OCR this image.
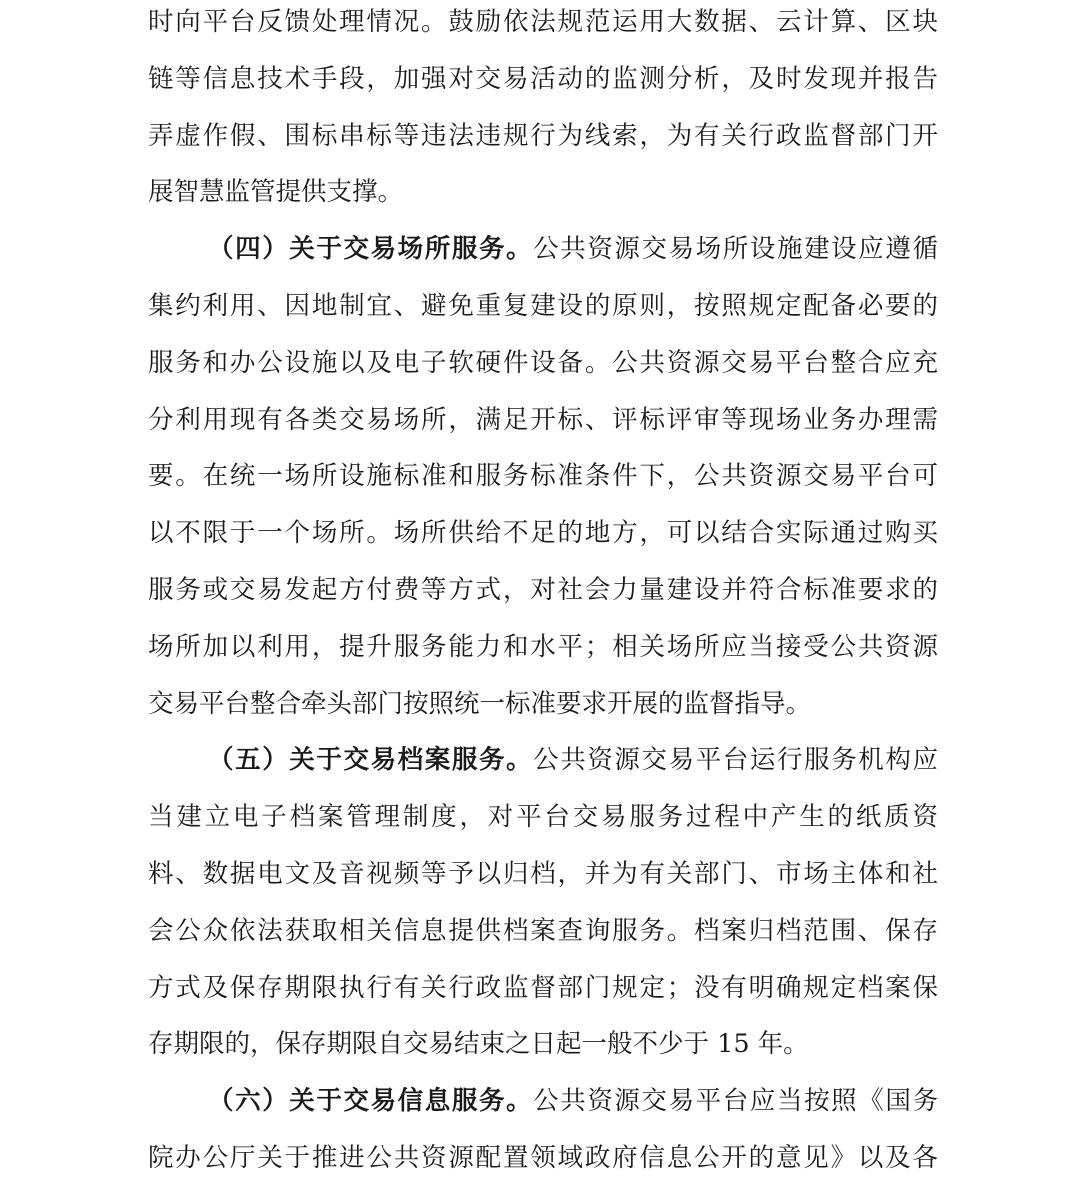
时向平台反馈处理情况。鼓励依法规范运用大数据、云计算、区块
链等信息技术手段，加强对交易活动的监测分析，及时发现并报告
弄虚作假、围标串标等违法违规行为线索，为有关行政监督部门开
展智慧监管提供支撑。
（四）关于交易场所服务。公共资源交易场所设施建设应遵循
集约利用、因地制宜、避免重复建设的原则，按照规定配备必要的
服务和办公设施以及电子软硬件设备。公共资源交易平台整合应充
分利用现有各类交易场所，满足开标、评标评审等现场业务办理需
要。在统一场所设施标准和服务标准条件下，公共资源交易平台可
以不限于一个场所。场所供给不足的地方，可以结合实际通过购买
服务或交易发起方付费等方式，对社会力量建设并符合标准要求的
场所加以利用，提升服务能力和水平；相关场所应当接受公共资源
交易平台整合牵头部门按照统一标准要求开展的监督指导。
（五）关于交易档案服务。公共资源交易平台运行服务机构应
当建立电子档案管理制度，对平台交易服务过程中产生的纸质资
料、数据电文及音视频等予以归档，并为有关部门、市场主体和社
会公众依法获取相关信息提供档案查询服务。档案归档范围、保存
方式及保存期限执行有关行政监督部门规定；没有明确规定档案保
存期限的，保存期限自交易结束之日起一般不少于 15 年。
（六）关于交易信息服务。公共资源交易平台应当按照《国务
院办公厅关于推进公共资源配置领域政府信息公开的意见》以及各
